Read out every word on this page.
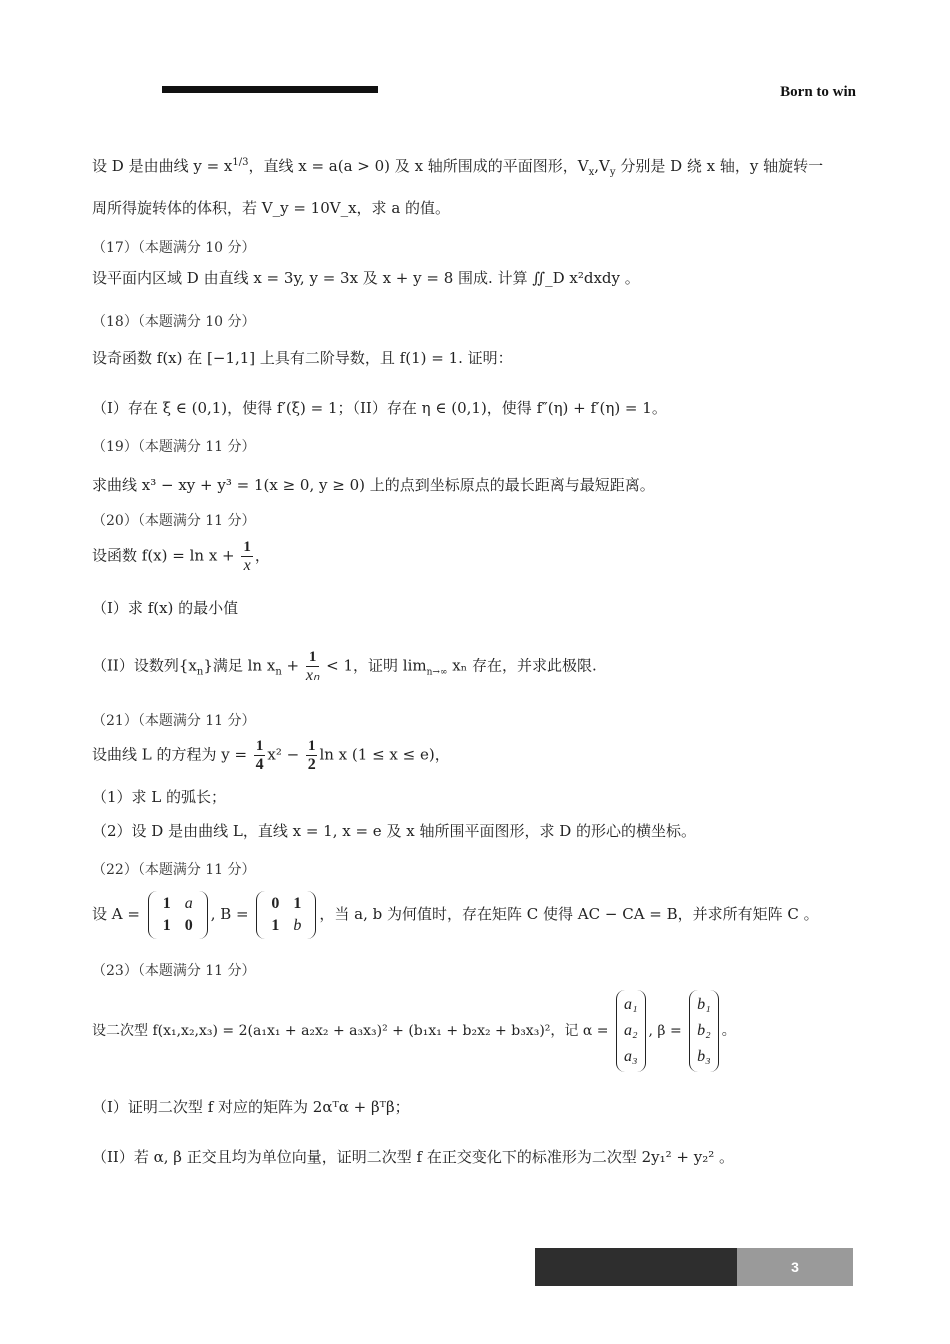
Born to win
设 D 是由曲线 $y = x^{1/3}$，直线 x = a(a > 0) 及 x 轴所围成的平面图形，$V_x,V_y$ 分别是 D 绕 x 轴，y 轴旋转一
周所得旋转体的体积，若 V_y = 10V_x，求 a 的值。
（17）（本题满分 10 分）
设平面内区域 D 由直线 x = 3y, y = 3x 及 x + y = 8 围成. 计算 ∬_D x²dxdy 。
（18）（本题满分 10 分）
设奇函数 f(x) 在 [−1,1] 上具有二阶导数，且 f(1) = 1. 证明：
（I）存在 ξ ∈ (0,1)，使得 f′(ξ) = 1；（II）存在 η ∈ (0,1)，使得 f″(η) + f′(η) = 1。
（19）（本题满分 11 分）
求曲线 x³ − xy + y³ = 1(x ≥ 0, y ≥ 0) 上的点到坐标原点的最长距离与最短距离。
（20）（本题满分 11 分）
设函数 $f(x) = \ln x + \frac{1}{x}$ ，
（I）求 f(x) 的最小值
（II）设数列$\{x_n\}$满足 $\ln x_n + \frac{1}{\text{xₙ}} < 1$，证明 $\lim_{n\to\infty} x_n$ 存在，并求此极限.
（21）（本题满分 11 分）
设曲线 L 的方程为 $y = \frac{1}{4} x^2 - \frac{1}{2}$ ln x (1 ≤ x ≤ e)，
（1）求 L 的弧长；
（2）设 D 是由曲线 L，直线 x = 1, x = e 及 x 轴所围平面图形，求 D 的形心的横坐标。
（22）（本题满分 11 分）
设 A =
1 a
1 0
, B =
0 1
1 b
，当 a, b 为何值时，存在矩阵 C 使得 AC − CA = B，并求所有矩阵 C 。
（23）（本题满分 11 分）
设二次型 f(x₁,x₂,x₃) = 2(a₁x₁ + a₂x₂ + a₃x₃)² + (b₁x₁ + b₂x₂ + b₃x₃)²，记 α =
a₁
a₂
a₃
, β =
b₁
b₂
b₃
。
（I）证明二次型 f 对应的矩阵为 2αᵀα + βᵀβ；
（II）若 α, β 正交且均为单位向量，证明二次型 f 在正交变化下的标准形为二次型 2y₁² + y₂² 。
3
